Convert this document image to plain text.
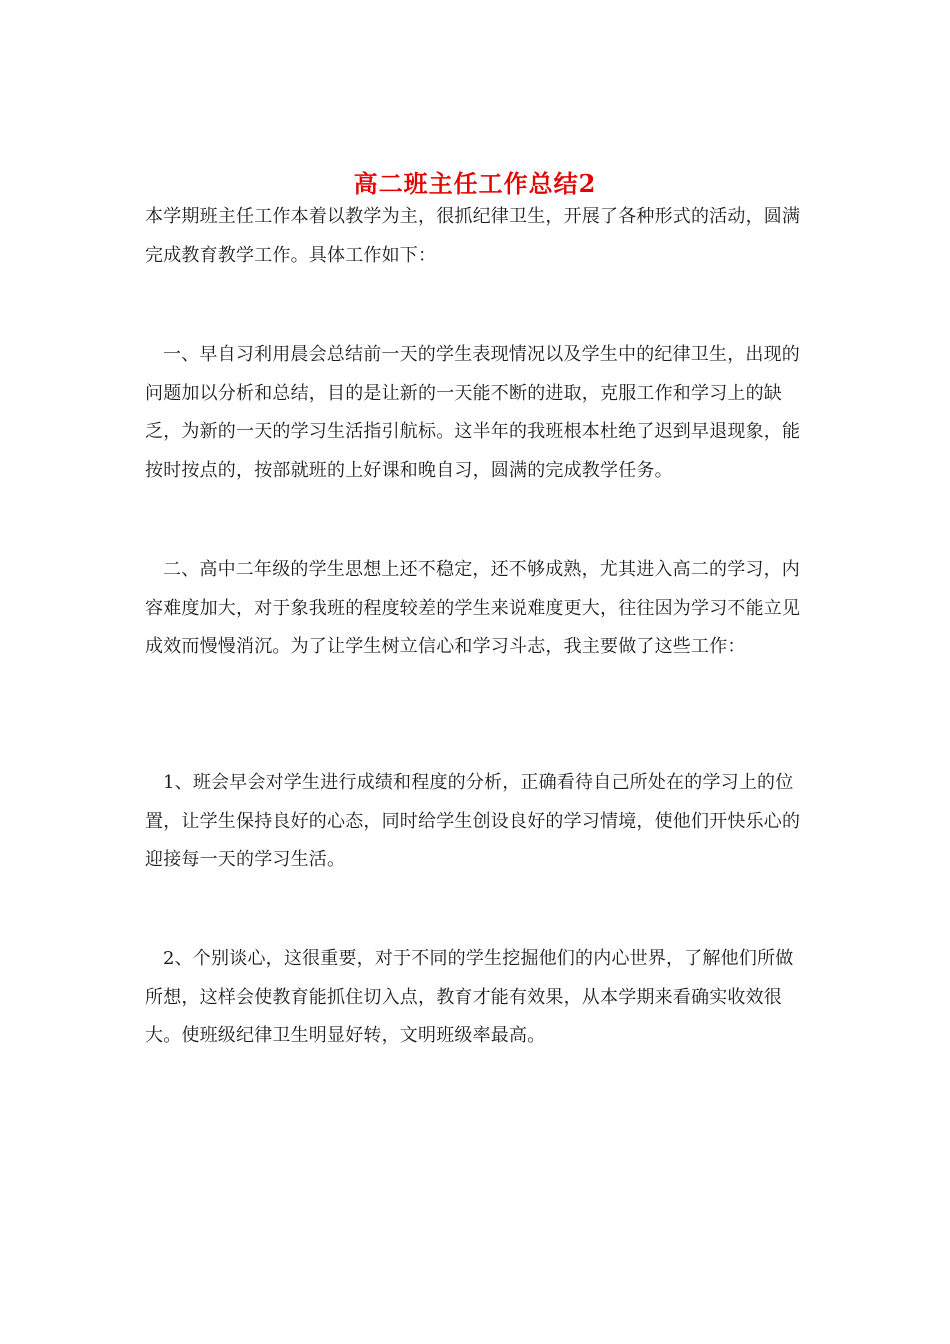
高二班主任工作总结2

本学期班主任工作本着以教学为主，很抓纪律卫生，开展了各种形式的活动，圆满完成教育教学工作。具体工作如下：

一、早自习利用晨会总结前一天的学生表现情况以及学生中的纪律卫生，出现的问题加以分析和总结，目的是让新的一天能不断的进取，克服工作和学习上的缺乏，为新的一天的学习生活指引航标。这半年的我班根本杜绝了迟到早退现象，能按时按点的，按部就班的上好课和晚自习，圆满的完成教学任务。

二、高中二年级的学生思想上还不稳定，还不够成熟，尤其进入高二的学习，内容难度加大，对于象我班的程度较差的学生来说难度更大，往往因为学习不能立见成效而慢慢消沉。为了让学生树立信心和学习斗志，我主要做了这些工作：

1、班会早会对学生进行成绩和程度的分析，正确看待自己所处在的学习上的位置，让学生保持良好的心态，同时给学生创设良好的学习情境，使他们开快乐心的迎接每一天的学习生活。

2、个别谈心，这很重要，对于不同的学生挖掘他们的内心世界，了解他们所做所想，这样会使教育能抓住切入点，教育才能有效果，从本学期来看确实收效很大。使班级纪律卫生明显好转，文明班级率最高。
